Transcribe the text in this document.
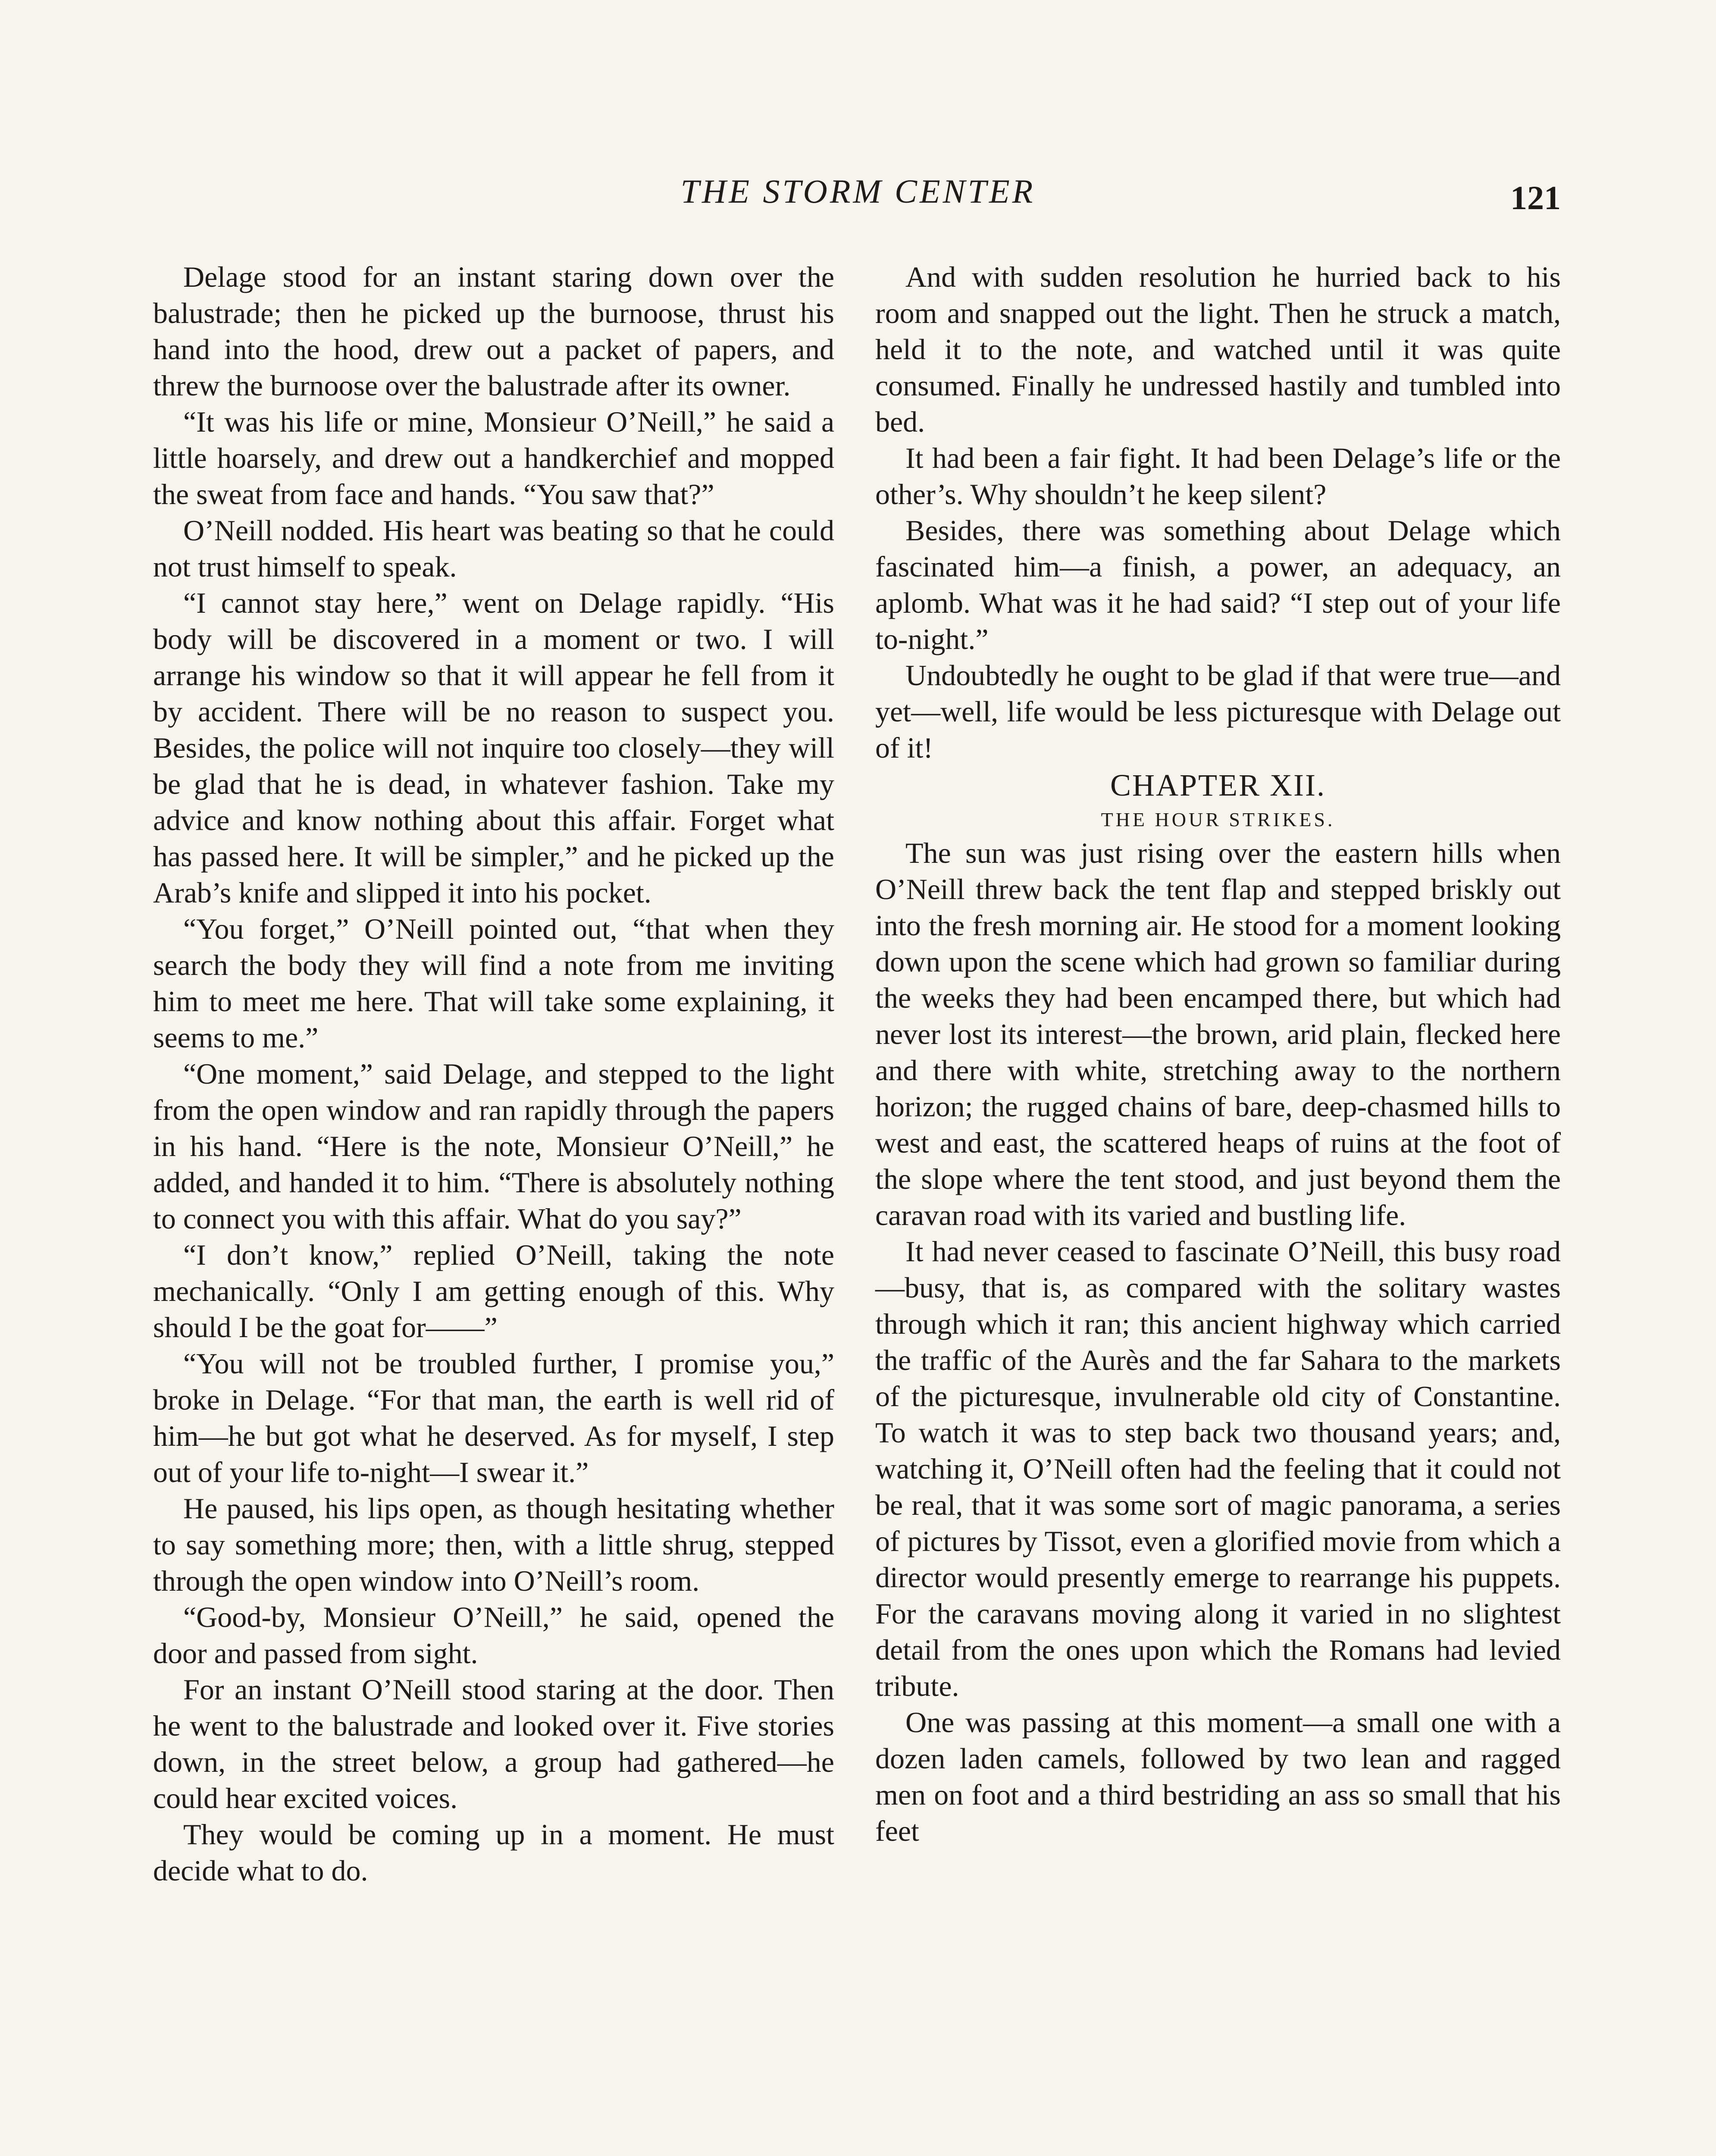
THE STORM CENTER	121

Delage stood for an instant staring down over the balustrade; then he picked up the burnoose, thrust his hand into the hood, drew out a packet of papers, and threw the burnoose over the balustrade after its owner.

“It was his life or mine, Monsieur O’Neill,” he said a little hoarsely, and drew out a handkerchief and mopped the sweat from face and hands. “You saw that?”

O’Neill nodded. His heart was beating so that he could not trust himself to speak.

“I cannot stay here,” went on Delage rapidly. “His body will be discovered in a moment or two. I will arrange his window so that it will appear he fell from it by accident. There will be no reason to suspect you. Besides, the police will not inquire too closely—they will be glad that he is dead, in whatever fashion. Take my advice and know nothing about this affair. Forget what has passed here. It will be simpler,” and he picked up the Arab’s knife and slipped it into his pocket.

“You forget,” O’Neill pointed out, “that when they search the body they will find a note from me inviting him to meet me here. That will take some explaining, it seems to me.”

“One moment,” said Delage, and stepped to the light from the open window and ran rapidly through the papers in his hand. “Here is the note, Monsieur O’Neill,” he added, and handed it to him. “There is absolutely nothing to connect you with this affair. What do you say?”

“I don’t know,” replied O’Neill, taking the note mechanically. “Only I am getting enough of this. Why should I be the goat for——”

“You will not be troubled further, I promise you,” broke in Delage. “For that man, the earth is well rid of him—he but got what he deserved. As for myself, I step out of your life to-night—I swear it.”

He paused, his lips open, as though hesitating whether to say something more; then, with a little shrug, stepped through the open window into O’Neill’s room.

“Good-by, Monsieur O’Neill,” he said, opened the door and passed from sight.

For an instant O’Neill stood staring at the door. Then he went to the balustrade and looked over it. Five stories down, in the street below, a group had gathered—he could hear excited voices.

They would be coming up in a moment. He must decide what to do.

And with sudden resolution he hurried back to his room and snapped out the light. Then he struck a match, held it to the note, and watched until it was quite consumed. Finally he undressed hastily and tumbled into bed.

It had been a fair fight. It had been Delage’s life or the other’s. Why shouldn’t he keep silent?

Besides, there was something about Delage which fascinated him—a finish, a power, an adequacy, an aplomb. What was it he had said? “I step out of your life to-night.”

Undoubtedly he ought to be glad if that were true—and yet—well, life would be less picturesque with Delage out of it!

CHAPTER XII.

THE HOUR STRIKES.

The sun was just rising over the eastern hills when O’Neill threw back the tent flap and stepped briskly out into the fresh morning air. He stood for a moment looking down upon the scene which had grown so familiar during the weeks they had been encamped there, but which had never lost its interest—the brown, arid plain, flecked here and there with white, stretching away to the northern horizon; the rugged chains of bare, deep-chasmed hills to west and east, the scattered heaps of ruins at the foot of the slope where the tent stood, and just beyond them the caravan road with its varied and bustling life.

It had never ceased to fascinate O’Neill, this busy road—busy, that is, as compared with the solitary wastes through which it ran; this ancient highway which carried the traffic of the Aurès and the far Sahara to the markets of the picturesque, invulnerable old city of Constantine. To watch it was to step back two thousand years; and, watching it, O’Neill often had the feeling that it could not be real, that it was some sort of magic panorama, a series of pictures by Tissot, even a glorified movie from which a director would presently emerge to rearrange his puppets. For the caravans moving along it varied in no slightest detail from the ones upon which the Romans had levied tribute.

One was passing at this moment—a small one with a dozen laden camels, followed by two lean and ragged men on foot and a third bestriding an ass so small that his feet
